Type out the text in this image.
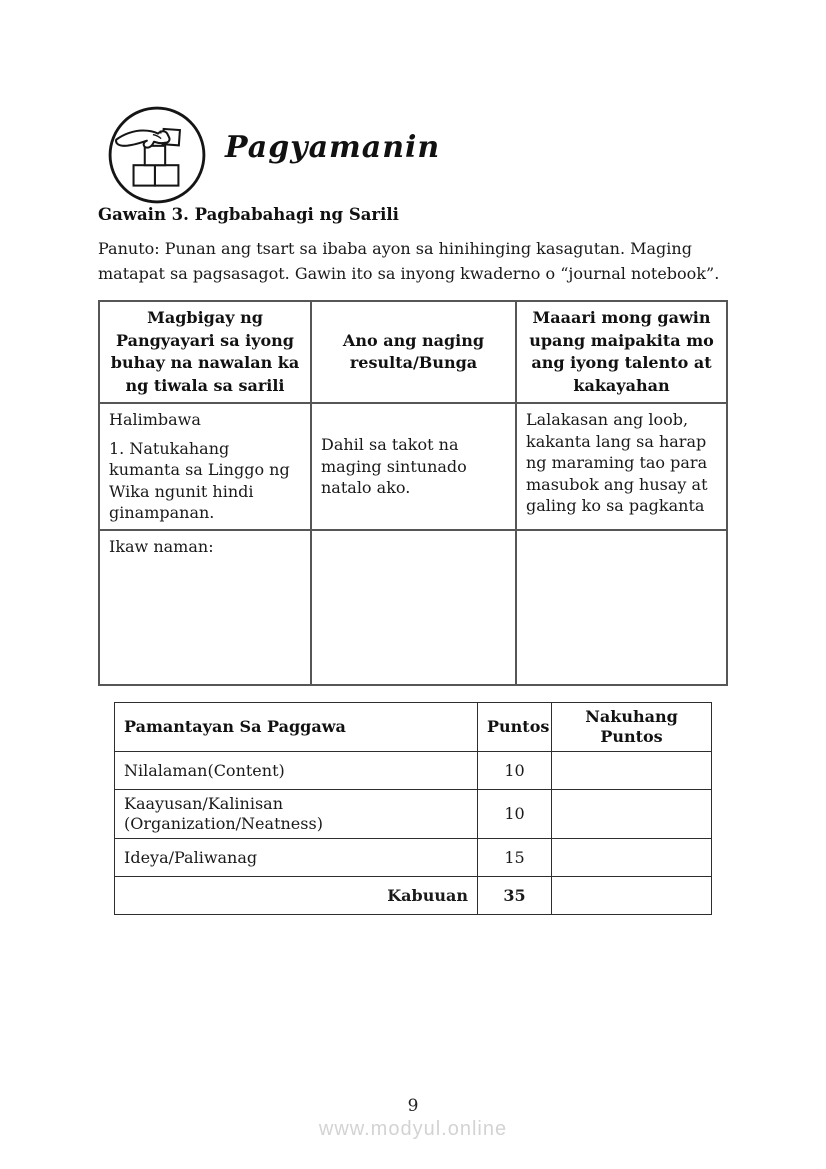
Pagyamanin
Gawain 3. Pagbabahagi ng Sarili
Panuto: Punan ang tsart sa ibaba ayon sa hinihinging kasagutan. Maging matapat sa pagsasagot. Gawin ito sa inyong kwaderno o “journal notebook”.
Magbigay ng Pangyayari sa iyong buhay na nawalan ka ng tiwala sa sarili	Ano ang naging resulta/Bunga	Maaari mong gawin upang maipakita mo ang iyong talento at kakayahan

Halimbawa

1. Natukahang kumanta sa Linggo ng Wika ngunit hindi ginampanan.	Dahil sa takot na maging sintunado natalo ako.	Lalakasan ang loob, kakanta lang sa harap ng maraming tao para masubok ang husay at galing ko sa pagkanta
Ikaw naman:		
Pamantayan Sa Paggawa	Puntos	Nakuhang Puntos
Nilalaman(Content)	10	
Kaayusan/Kalinisan (Organization/Neatness)	10	
Ideya/Paliwanag	15	
Kabuuan	35	
9
www.modyul.online
